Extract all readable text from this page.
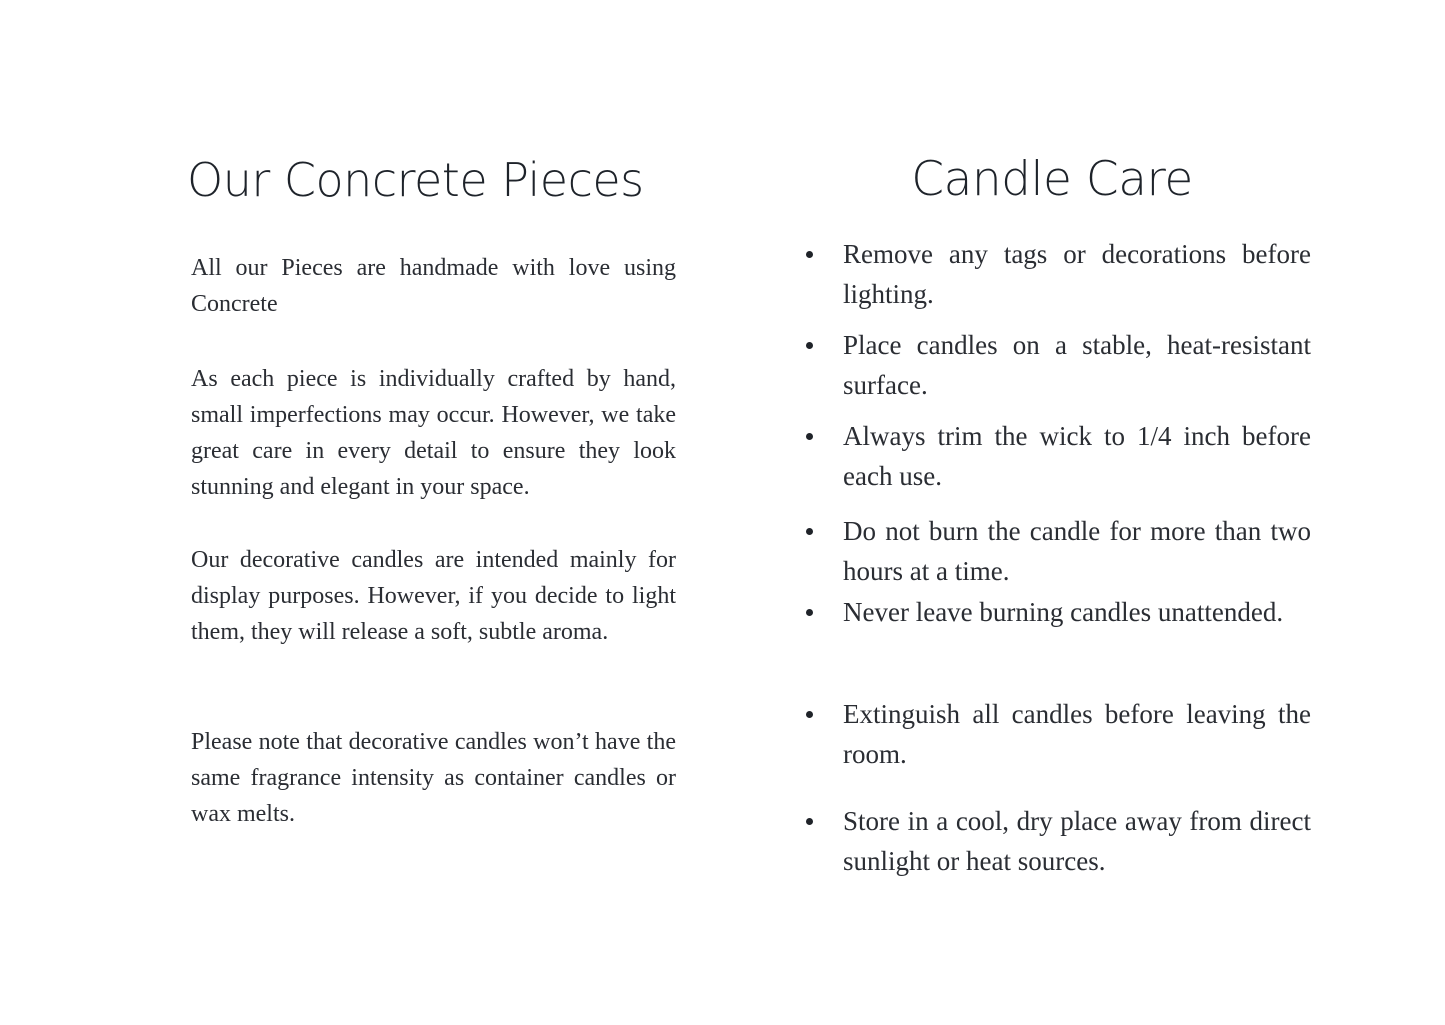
Our Concrete Pieces

All our Pieces are handmade with love using Concrete

As each piece is individually crafted by hand, small imperfections may occur. However, we take great care in every detail to ensure they look stunning and elegant in your space.

Our decorative candles are intended mainly for display purposes. However, if you decide to light them, they will release a soft, subtle aroma.

Please note that decorative candles won’t have the same fragrance intensity as container candles or wax melts.

Candle Care
Remove any tags or decorations before lighting.
Place candles on a stable, heat-resistant surface.
Always trim the wick to 1/4 inch before each use.
Do not burn the candle for more than two hours at a time.
Never leave burning candles unattended.
Extinguish all candles before leaving the room.
Store in a cool, dry place away from direct sunlight or heat sources.
